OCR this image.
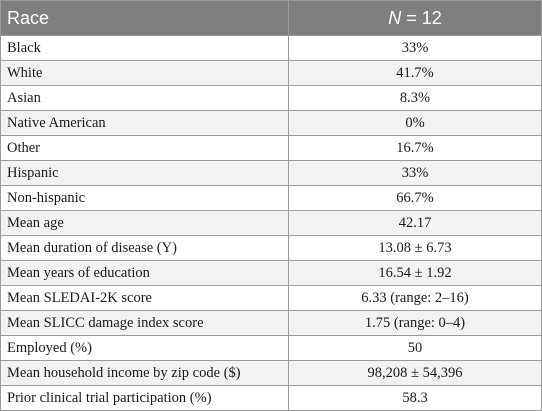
Race	N = 12
Black	33%
White	41.7%
Asian	8.3%
Native American	0%
Other	16.7%
Hispanic	33%
Non-hispanic	66.7%
Mean age	42.17
Mean duration of disease (Y)	13.08 ± 6.73
Mean years of education	16.54 ± 1.92
Mean SLEDAI-2K score	6.33 (range: 2–16)
Mean SLICC damage index score	1.75 (range: 0–4)
Employed (%)	50
Mean household income by zip code ($)	98,208 ± 54,396
Prior clinical trial participation (%)	58.3
